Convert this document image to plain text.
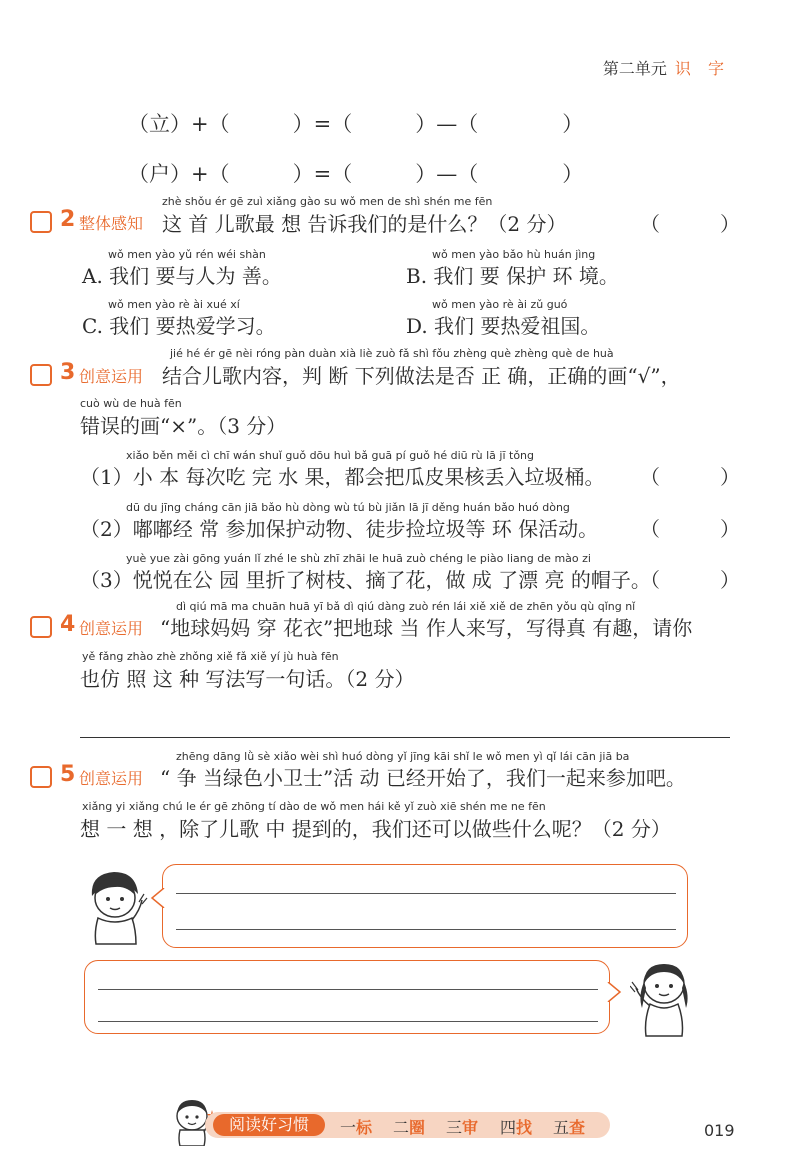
第二单元 识 字
（立）+（　　　）=（　　　）—（　　　　）
（户）+（　　　）=（　　　）—（　　　　）
2 整体感知
zhè shǒu ér gē zuì xiǎng gào su wǒ men de shì shén me fēn
这 首 儿歌最 想 告诉我们的是什么？（2 分）	（　　　）
wǒ men yào yǔ rén wéi shàn
A. 我们 要与人为 善。
wǒ men yào bǎo hù huán jìng
B. 我们 要 保护 环 境。
wǒ men yào rè ài xué xí
C. 我们 要热爱学习。
wǒ men yào rè ài zǔ guó
D. 我们 要热爱祖国。
3 创意运用
jié hé ér gē nèi róng pàn duàn xià liè zuò fǎ shì fǒu zhèng què zhèng què de huà
结合儿歌内容，判 断 下列做法是否 正 确，正确的画“√”，
cuò wù de huà fēn
错误的画“×”。（3 分）
xiǎo běn měi cì chī wán shuǐ guǒ dōu huì bǎ guā pí guǒ hé diū rù lā jī tǒng
（1）小 本 每次吃 完 水 果，都会把瓜皮果核丢入垃圾桶。 （　　　）
dū du jīng cháng cān jiā bǎo hù dòng wù tú bù jiǎn lā jī děng huán bǎo huó dòng
（2）嘟嘟经 常 参加保护动物、徒步捡垃圾等 环 保活动。 （　　　）
yuè yue zài gōng yuán lǐ zhé le shù zhī zhāi le huā zuò chéng le piào liang de mào zi
（3）悦悦在公 园 里折了树枝、摘了花，做 成 了漂 亮 的帽子。
（　　　）
4 创意运用
dì qiú mā ma chuān huā yī bǎ dì qiú dàng zuò rén lái xiě xiě de zhēn yǒu qù qǐng nǐ
“地球妈妈 穿 花衣”把地球 当 作人来写，写得真 有趣，请你
yě fǎng zhào zhè zhǒng xiě fǎ xiě yí jù huà fēn
也仿 照 这 种 写法写一句话。（2 分）
5 创意运用
zhēng dāng lǜ sè xiǎo wèi shì huó dòng yǐ jīng kāi shǐ le wǒ men yì qǐ lái cān jiā ba
“ 争 当绿色小卫士”活 动 已经开始了，我们一起来参加吧。
xiǎng yi xiǎng chú le ér gē zhōng tí dào de wǒ men hái kě yǐ zuò xiē shén me ne fēn
想 一 想 ，除了儿歌 中 提到的，我们还可以做些什么呢？（2 分）
阅读好习惯	一标 二圈 三审 四找 五查	019
